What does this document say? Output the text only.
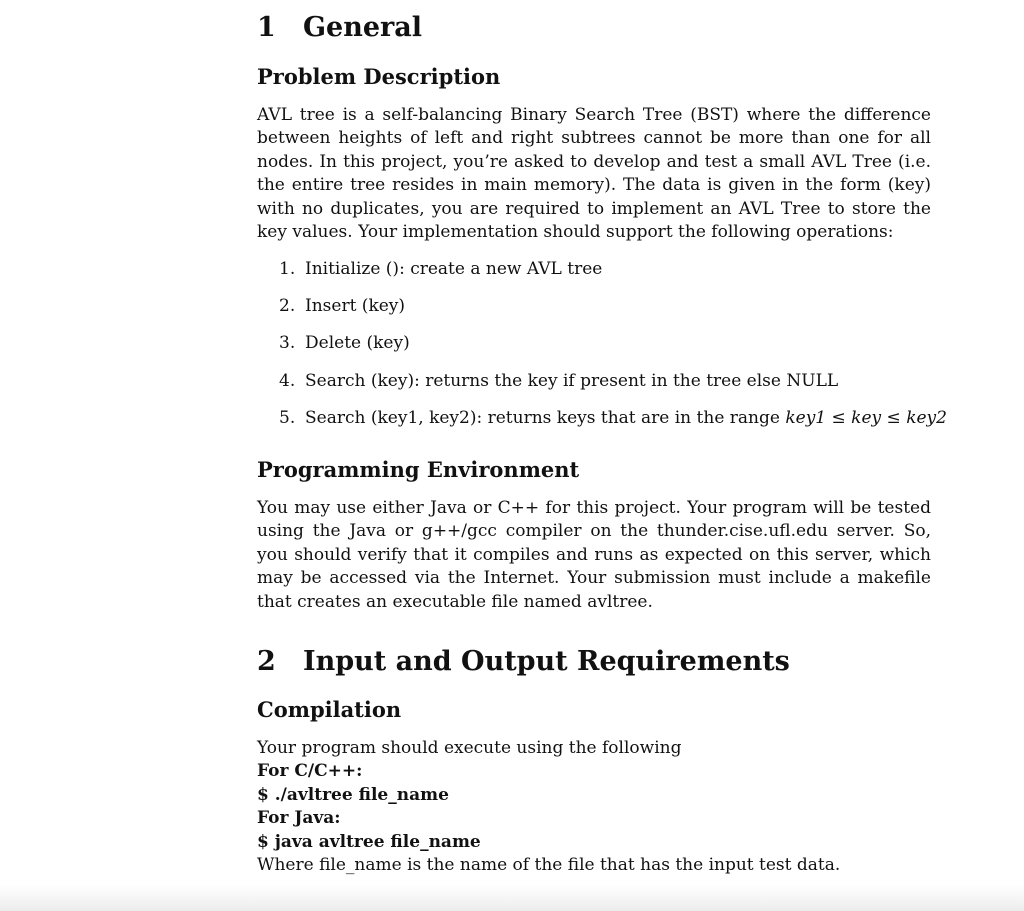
1 General
Problem Description

AVL tree is a self-balancing Binary Search Tree (BST) where the difference between heights of left and right subtrees cannot be more than one for all nodes. In this project, you’re asked to develop and test a small AVL Tree (i.e. the entire tree resides in main memory). The data is given in the form (key) with no duplicates, you are required to implement an AVL Tree to store the key values. Your implementation should support the following operations:

1. Initialize (): create a new AVL tree
2. Insert (key)
3. Delete (key)
4. Search (key): returns the key if present in the tree else NULL
5. Search (key1, key2): returns keys that are in the range key1 ≤ key ≤ key2
Programming Environment

You may use either Java or C++ for this project. Your program will be tested using the Java or g++/gcc compiler on the thunder.cise.ufl.edu server. So, you should verify that it compiles and runs as expected on this server, which may be accessed via the Internet. Your submission must include a makefile that creates an executable file named avltree.

2 Input and Output Requirements
Compilation

Your program should execute using the following

For C/C++:

$ ./avltree file_name

For Java:

$ java avltree file_name

Where file_name is the name of the file that has the input test data.
